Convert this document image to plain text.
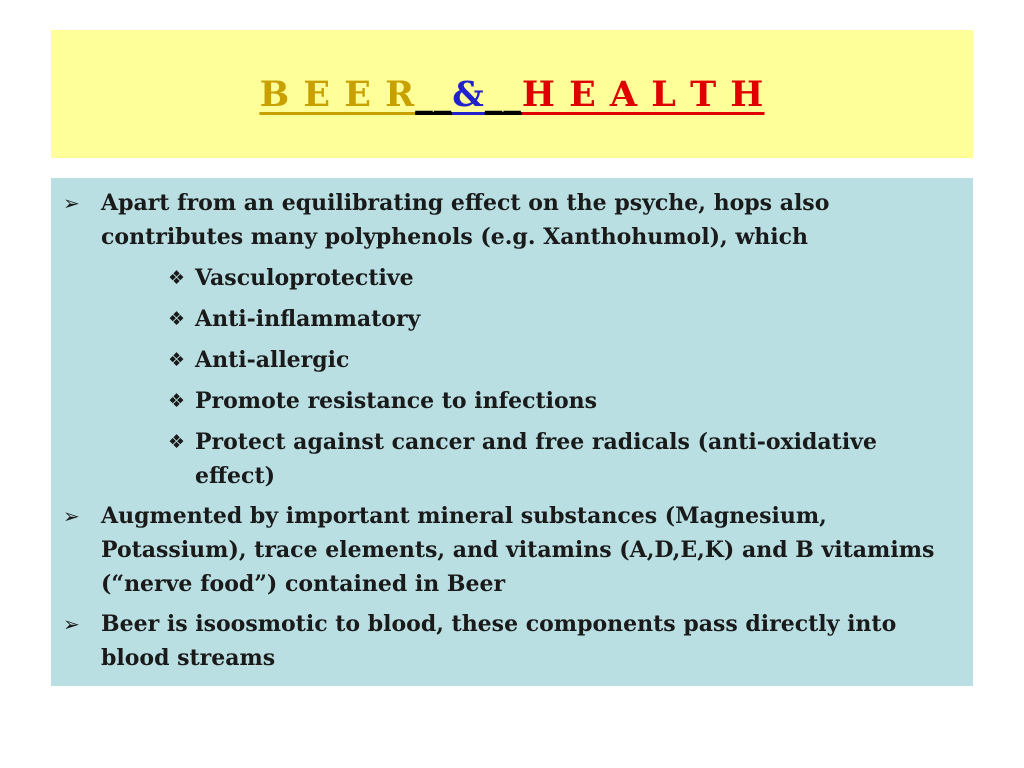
B E E R__&__H E A L T H
➢ Apart from an equilibrating effect on the psyche, hops also contributes many polyphenols (e.g. Xanthohumol), which
❖ Vasculoprotective
❖ Anti-inflammatory
❖ Anti-allergic
❖ Promote resistance to infections
❖ Protect against cancer and free radicals (anti-oxidative effect)
➢ Augmented by important mineral substances (Magnesium, Potassium), trace elements, and vitamins (A,D,E,K) and B vitamims (“nerve food”) contained in Beer
➢ Beer is isoosmotic to blood, these components pass directly into blood streams
